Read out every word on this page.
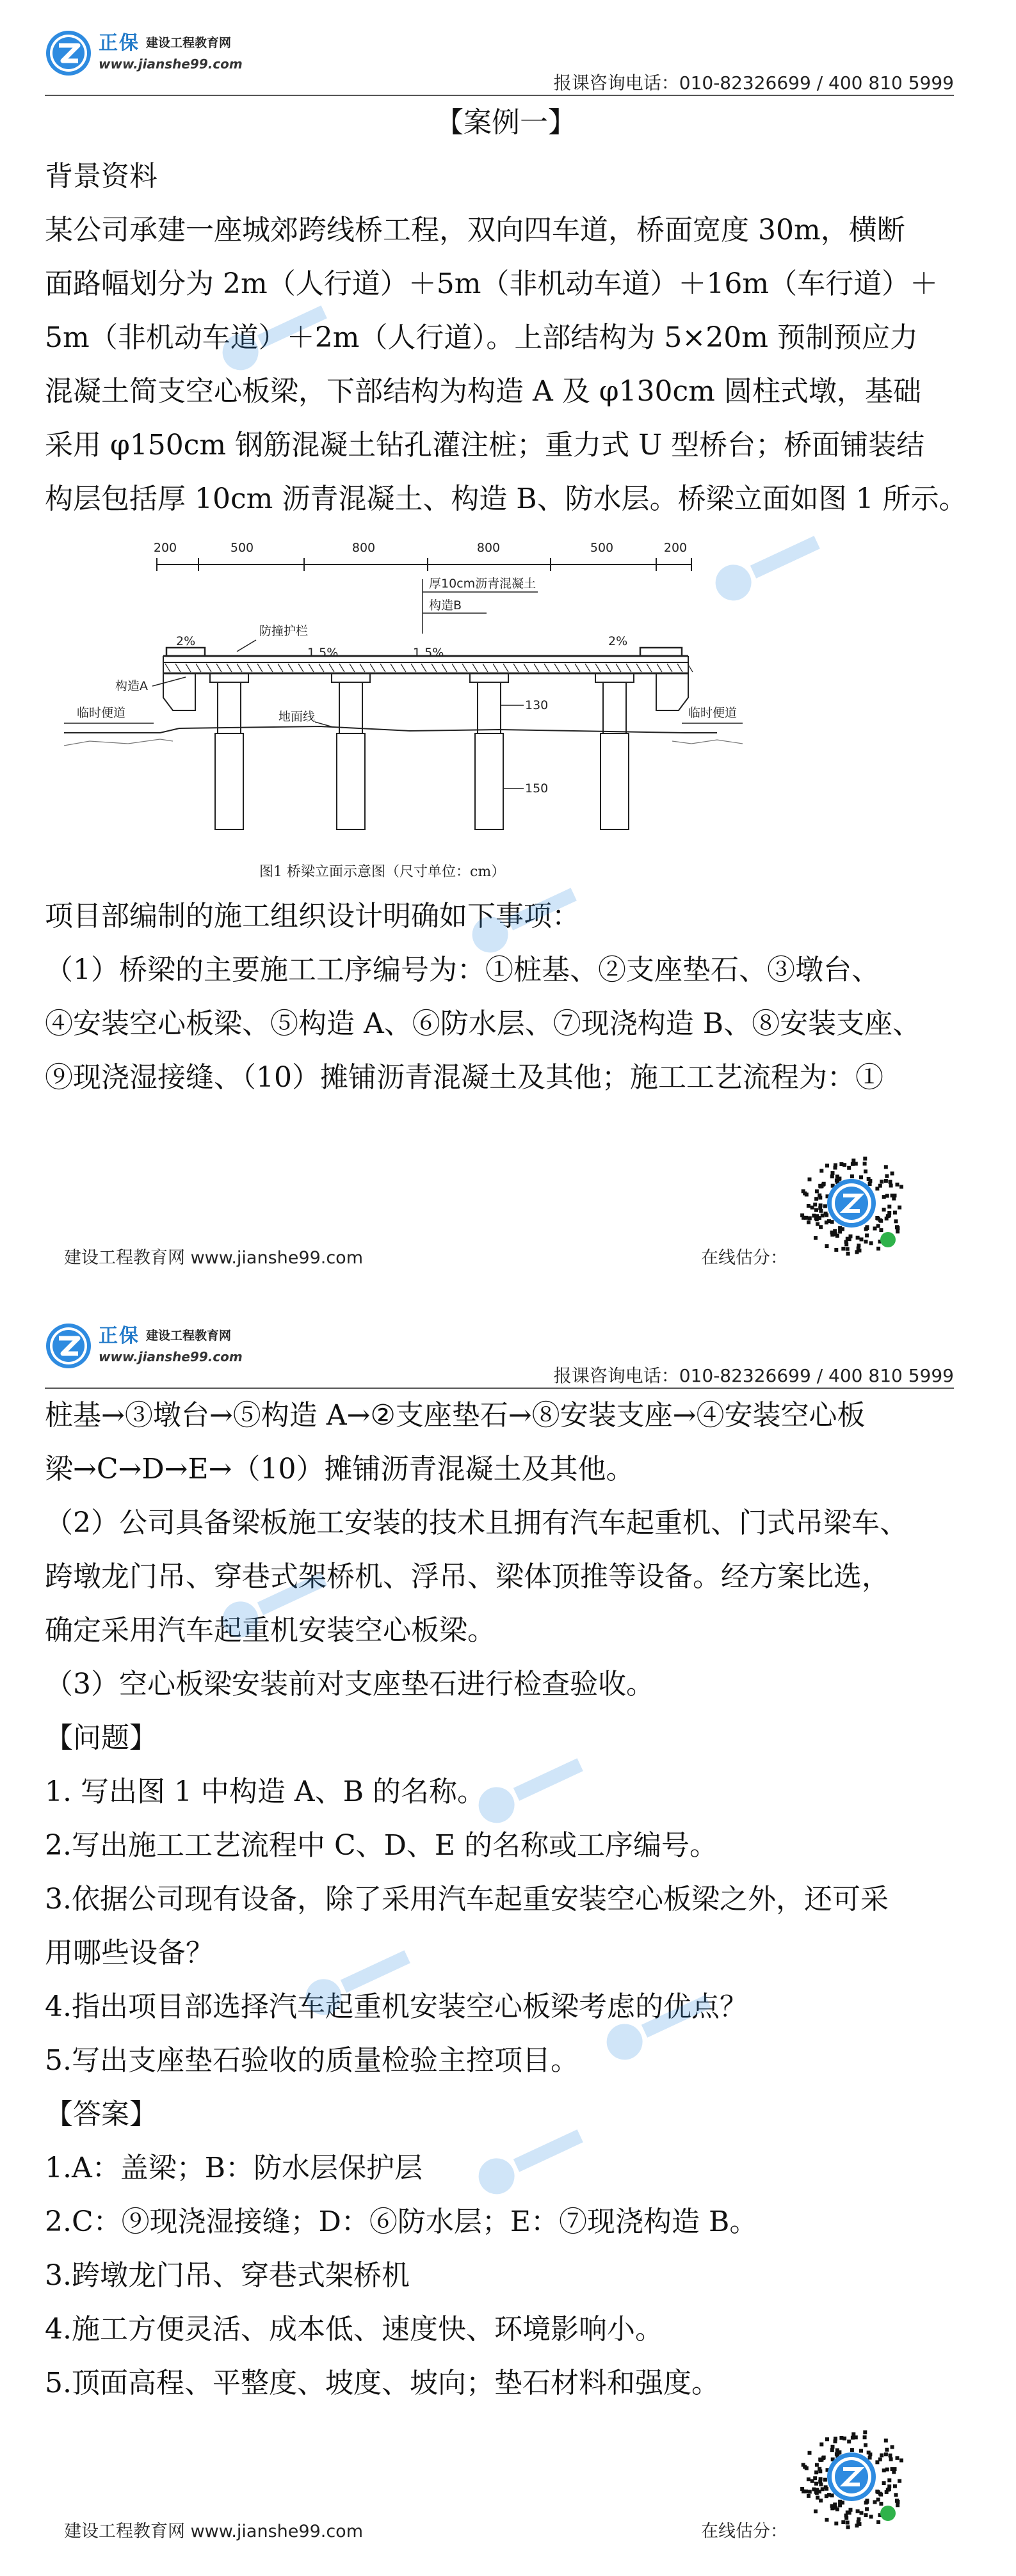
正保 建设工程教育网
www.jianshe99.com
报课咨询电话：010-82326699 / 400 810 5999

【案例一】

背景资料

某公司承建一座城郊跨线桥工程，双向四车道，桥面宽度 30m，横断

面路幅划分为 2m（人行道）＋5m（非机动车道）＋16m（车行道）＋

5m（非机动车道）＋2m（人行道）。上部结构为 5×20m 预制预应力

混凝土简支空心板梁，下部结构为构造 A 及 φ130cm 圆柱式墩，基础

采用 φ150cm 钢筋混凝土钻孔灌注桩；重力式 U 型桥台；桥面铺装结

构层包括厚 10cm 沥青混凝土、构造 B、防水层。桥梁立面如图 1 所示。

200	500	800	800	500	200
厚10cm沥青混凝土
构造B
防撞护栏
2%
1.5%	1.5%
2%
构造A
地面线
临时便道	临时便道
130
150
图1 桥梁立面示意图（尺寸单位：cm）

项目部编制的施工组织设计明确如下事项：

（1）桥梁的主要施工工序编号为：①桩基、②支座垫石、③墩台、

④安装空心板梁、⑤构造 A、⑥防水层、⑦现浇构造 B、⑧安装支座、

⑨现浇湿接缝、（10）摊铺沥青混凝土及其他；施工工艺流程为：①

建设工程教育网 www.jianshe99.com	在线估分：
正保 建设工程教育网
www.jianshe99.com
报课咨询电话：010-82326699 / 400 810 5999

桩基→③墩台→⑤构造 A→②支座垫石→⑧安装支座→④安装空心板

梁→C→D→E→（10）摊铺沥青混凝土及其他。

（2）公司具备梁板施工安装的技术且拥有汽车起重机、门式吊梁车、

跨墩龙门吊、穿巷式架桥机、浮吊、梁体顶推等设备。经方案比选，

确定采用汽车起重机安装空心板梁。

（3）空心板梁安装前对支座垫石进行检查验收。

【问题】

1. 写出图 1 中构造 A、B 的名称。

2.写出施工工艺流程中 C、D、E 的名称或工序编号。

3.依据公司现有设备，除了采用汽车起重安装空心板梁之外，还可采

用哪些设备？

4.指出项目部选择汽车起重机安装空心板梁考虑的优点？

5.写出支座垫石验收的质量检验主控项目。

【答案】

1.A：盖梁；B：防水层保护层

2.C：⑨现浇湿接缝；D：⑥防水层；E：⑦现浇构造 B。

3.跨墩龙门吊、穿巷式架桥机

4.施工方便灵活、成本低、速度快、环境影响小。

5.顶面高程、平整度、坡度、坡向；垫石材料和强度。

建设工程教育网 www.jianshe99.com	在线估分：
